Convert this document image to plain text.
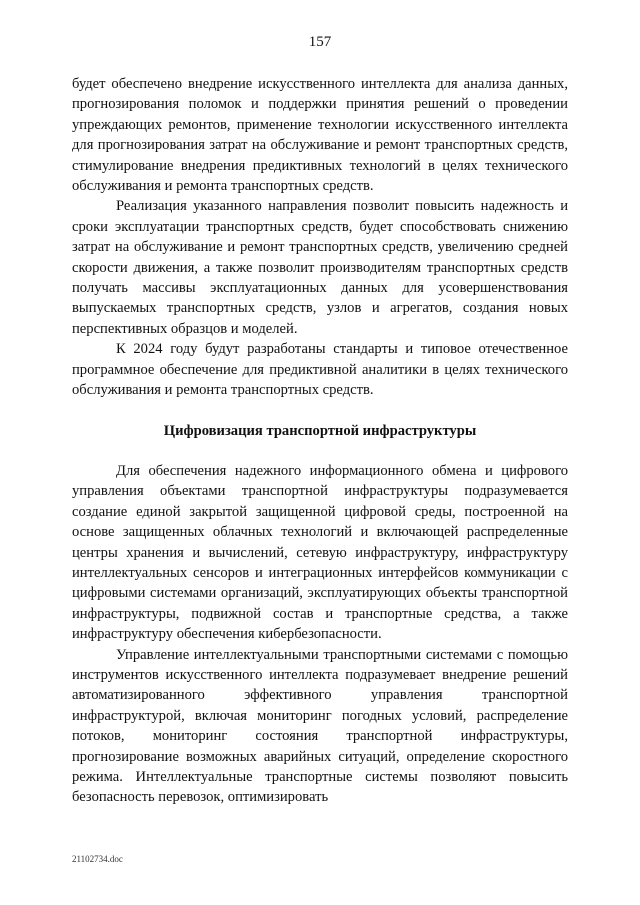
157

будет обеспечено внедрение искусственного интеллекта для анализа данных, прогнозирования поломок и поддержки принятия решений о проведении упреждающих ремонтов, применение технологии искусственного интеллекта для прогнозирования затрат на обслуживание и ремонт транспортных средств, стимулирование внедрения предиктивных технологий в целях технического обслуживания и ремонта транспортных средств.

Реализация указанного направления позволит повысить надежность и сроки эксплуатации транспортных средств, будет способствовать снижению затрат на обслуживание и ремонт транспортных средств, увеличению средней скорости движения, а также позволит производителям транспортных средств получать массивы эксплуатационных данных для усовершенствования выпускаемых транспортных средств, узлов и агрегатов, создания новых перспективных образцов и моделей.

К 2024 году будут разработаны стандарты и типовое отечественное программное обеспечение для предиктивной аналитики в целях технического обслуживания и ремонта транспортных средств.

Цифровизация транспортной инфраструктуры

Для обеспечения надежного информационного обмена и цифрового управления объектами транспортной инфраструктуры подразумевается создание единой закрытой защищенной цифровой среды, построенной на основе защищенных облачных технологий и включающей распределенные центры хранения и вычислений, сетевую инфраструктуру, инфраструктуру интеллектуальных сенсоров и интеграционных интерфейсов коммуникации с цифровыми системами организаций, эксплуатирующих объекты транспортной инфраструктуры, подвижной состав и транспортные средства, а также инфраструктуру обеспечения кибербезопасности.

Управление интеллектуальными транспортными системами с помощью инструментов искусственного интеллекта подразумевает внедрение решений автоматизированного эффективного управления транспортной инфраструктурой, включая мониторинг погодных условий, распределение потоков, мониторинг состояния транспортной инфраструктуры, прогнозирование возможных аварийных ситуаций, определение скоростного режима. Интеллектуальные транспортные системы позволяют повысить безопасность перевозок, оптимизировать

21102734.doc
